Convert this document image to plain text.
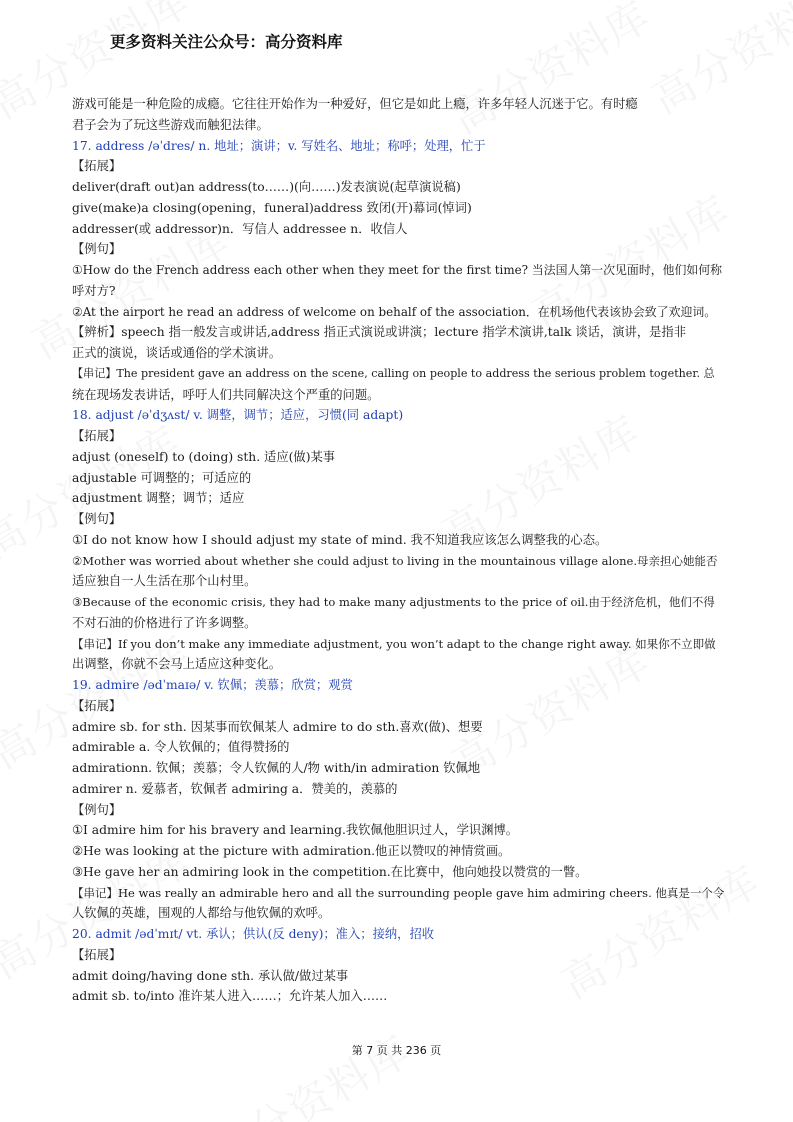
更多资料关注公众号：高分资料库
游戏可能是一种危险的成瘾。它往往开始作为一种爱好，但它是如此上瘾，许多年轻人沉迷于它。有时瘾
君子会为了玩这些游戏而触犯法律。
17. address /əˈdres/ n. 地址；演讲；v. 写姓名、地址；称呼；处理，忙于
【拓展】
deliver(draft out)an address(to……)(向……)发表演说(起草演说稿)
give(make)a closing(opening，funeral)address 致闭(开)幕词(悼词)
addresser(或 addressor)n．写信人 addressee n．收信人
【例句】
①How do the French address each other when they meet for the first time? 当法国人第一次见面时，他们如何称
呼对方?
②At the airport he read an address of welcome on behalf of the association．在机场他代表该协会致了欢迎词。
【辨析】speech 指一般发言或讲话,address 指正式演说或讲演；lecture 指学术演讲,talk 谈话，演讲，是指非
正式的演说，谈话或通俗的学术演讲。
【串记】The president gave an address on the scene, calling on people to address the serious problem together. 总
统在现场发表讲话，呼吁人们共同解决这个严重的问题。
18. adjust /əˈdʒʌst/ v. 调整，调节；适应，习惯(同 adapt)
【拓展】
adjust (oneself) to (doing) sth. 适应(做)某事
adjustable 可调整的；可适应的
adjustment 调整；调节；适应
【例句】
①I do not know how I should adjust my state of mind. 我不知道我应该怎么调整我的心态。
②Mother was worried about whether she could adjust to living in the mountainous village alone.母亲担心她能否
适应独自一人生活在那个山村里。
③Because of the economic crisis, they had to make many adjustments to the price of oil.由于经济危机，他们不得
不对石油的价格进行了许多调整。
【串记】If you don’t make any immediate adjustment, you won’t adapt to the change right away. 如果你不立即做
出调整，你就不会马上适应这种变化。
19. admire /ədˈmaɪə/ v. 钦佩；羡慕；欣赏；观赏
【拓展】
admire sb. for sth. 因某事而钦佩某人 admire to do sth.喜欢(做)、想要
admirable a. 令人钦佩的；值得赞扬的
admirationn. 钦佩；羡慕；令人钦佩的人/物 with/in admiration 钦佩地
admirer n. 爱慕者，钦佩者 admiring a．赞美的，羡慕的
【例句】
①I admire him for his bravery and learning.我钦佩他胆识过人，学识渊博。
②He was looking at the picture with admiration.他正以赞叹的神情赏画。
③He gave her an admiring look in the competition.在比赛中，他向她投以赞赏的一瞥。
【串记】He was really an admirable hero and all the surrounding people gave him admiring cheers. 他真是一个令
人钦佩的英雄，围观的人都给与他钦佩的欢呼。
20. admit /ədˈmɪt/ vt. 承认；供认(反 deny)；准入；接纳，招收
【拓展】
admit doing/having done sth. 承认做/做过某事
admit sb. to/into 准许某人进入……；允许某人加入……
第 7 页 共 236 页
